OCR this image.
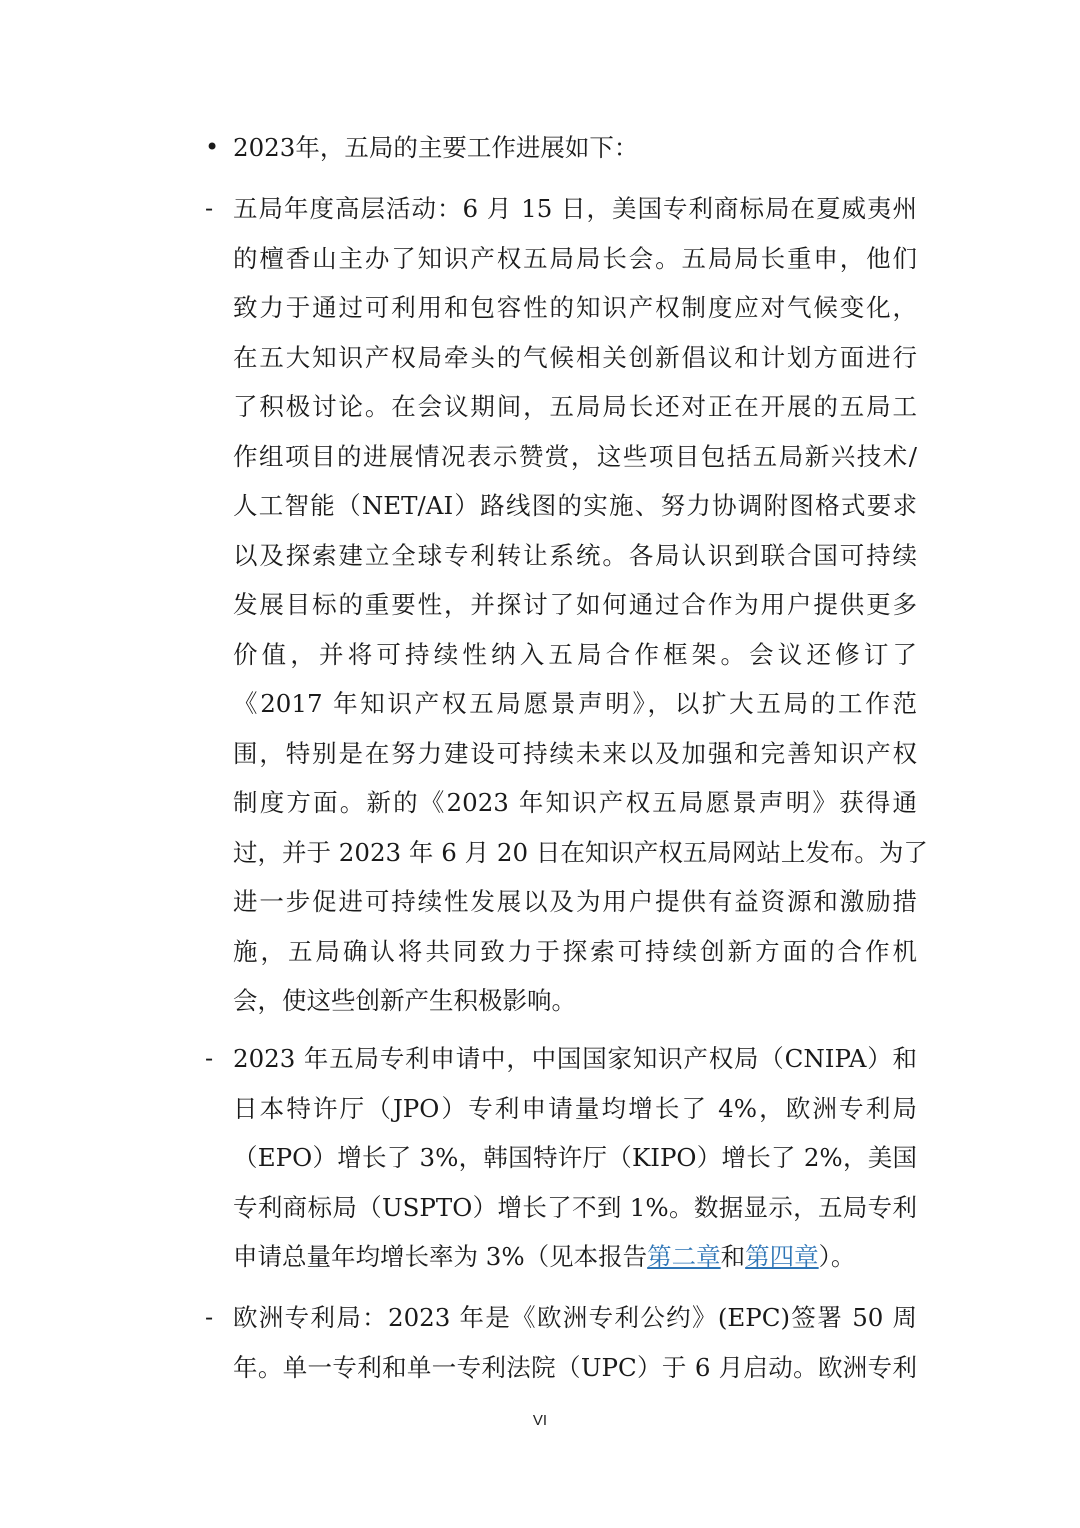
• 2023年，五局的主要工作进展如下：
- 五局年度高层活动：6 月 15 日，美国专利商标局在夏威夷州
的檀香山主办了知识产权五局局长会。五局局长重申，他们
致力于通过可利用和包容性的知识产权制度应对气候变化，
在五大知识产权局牵头的气候相关创新倡议和计划方面进行
了积极讨论。在会议期间，五局局长还对正在开展的五局工
作组项目的进展情况表示赞赏，这些项目包括五局新兴技术/
人工智能（NET/AI）路线图的实施、努力协调附图格式要求
以及探索建立全球专利转让系统。各局认识到联合国可持续
发展目标的重要性，并探讨了如何通过合作为用户提供更多
价值，并将可持续性纳入五局合作框架。会议还修订了
《2017 年知识产权五局愿景声明》，以扩大五局的工作范
围，特别是在努力建设可持续未来以及加强和完善知识产权
制度方面。新的《2023 年知识产权五局愿景声明》获得通
过，并于 2023 年 6 月 20 日在知识产权五局网站上发布。为了
进一步促进可持续性发展以及为用户提供有益资源和激励措
施，五局确认将共同致力于探索可持续创新方面的合作机
会，使这些创新产生积极影响。
- 2023 年五局专利申请中，中国国家知识产权局（CNIPA）和
日本特许厅（JPO）专利申请量均增长了 4%，欧洲专利局
（EPO）增长了 3%，韩国特许厅（KIPO）增长了 2%，美国
专利商标局（USPTO）增长了不到 1%。数据显示，五局专利
申请总量年均增长率为 3%（见本报告第二章和第四章）。
- 欧洲专利局：2023 年是《欧洲专利公约》(EPC)签署 50 周
年。单一专利和单一专利法院（UPC）于 6 月启动。欧洲专利
VI
